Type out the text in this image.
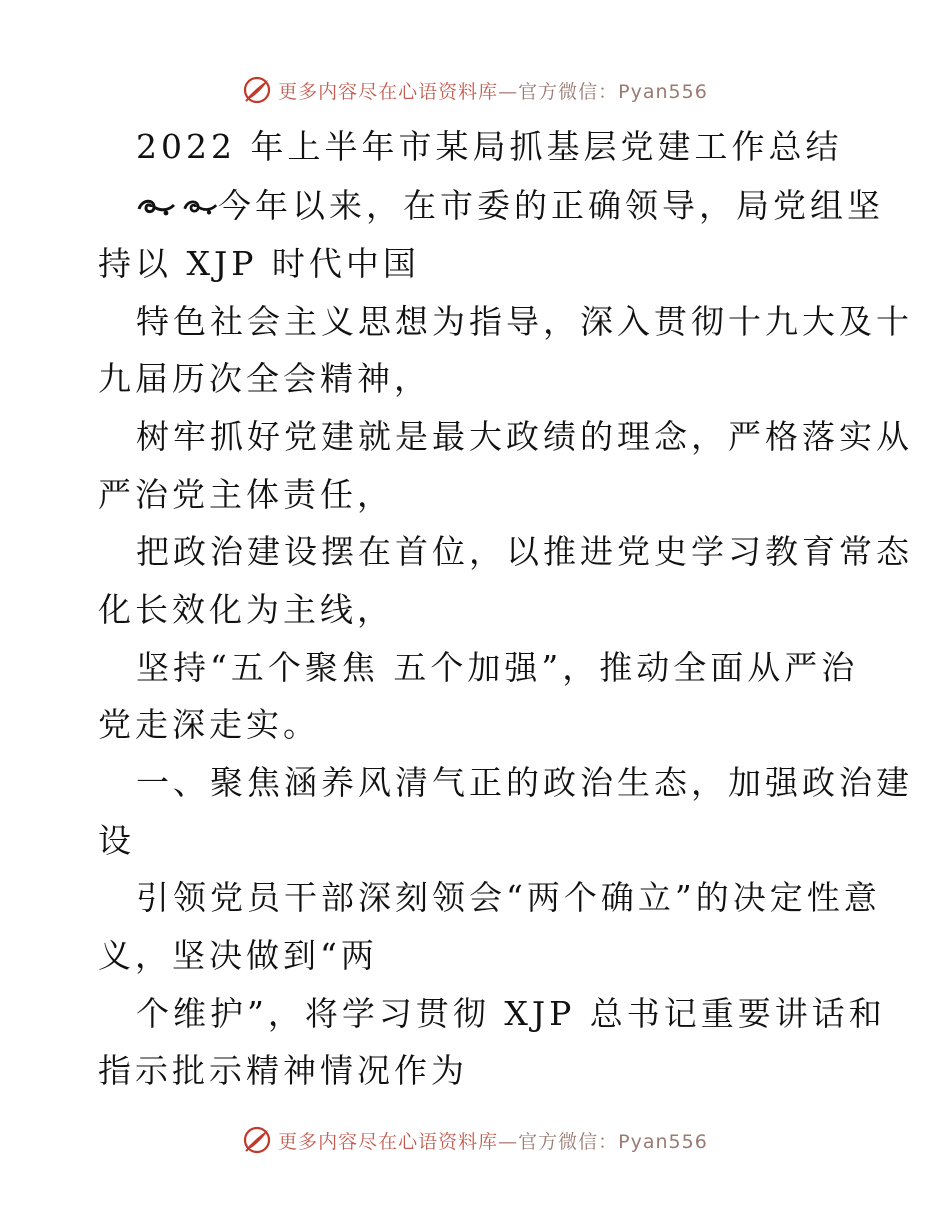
更多内容尽在心语资料库—官方微信：Pyan556
2022 年上半年市某局抓基层党建工作总结
今年以来，在市委的正确领导，局党组坚
持以 XJP 时代中国
特色社会主义思想为指导，深入贯彻十九大及十
九届历次全会精神，
树牢抓好党建就是最大政绩的理念，严格落实从
严治党主体责任，
把政治建设摆在首位，以推进党史学习教育常态
化长效化为主线，
坚持“五个聚焦 五个加强”，推动全面从严治
党走深走实。
一、聚焦涵养风清气正的政治生态，加强政治建
设
引领党员干部深刻领会“两个确立”的决定性意
义，坚决做到“两
个维护”，将学习贯彻 XJP 总书记重要讲话和
指示批示精神情况作为
更多内容尽在心语资料库—官方微信：Pyan556
